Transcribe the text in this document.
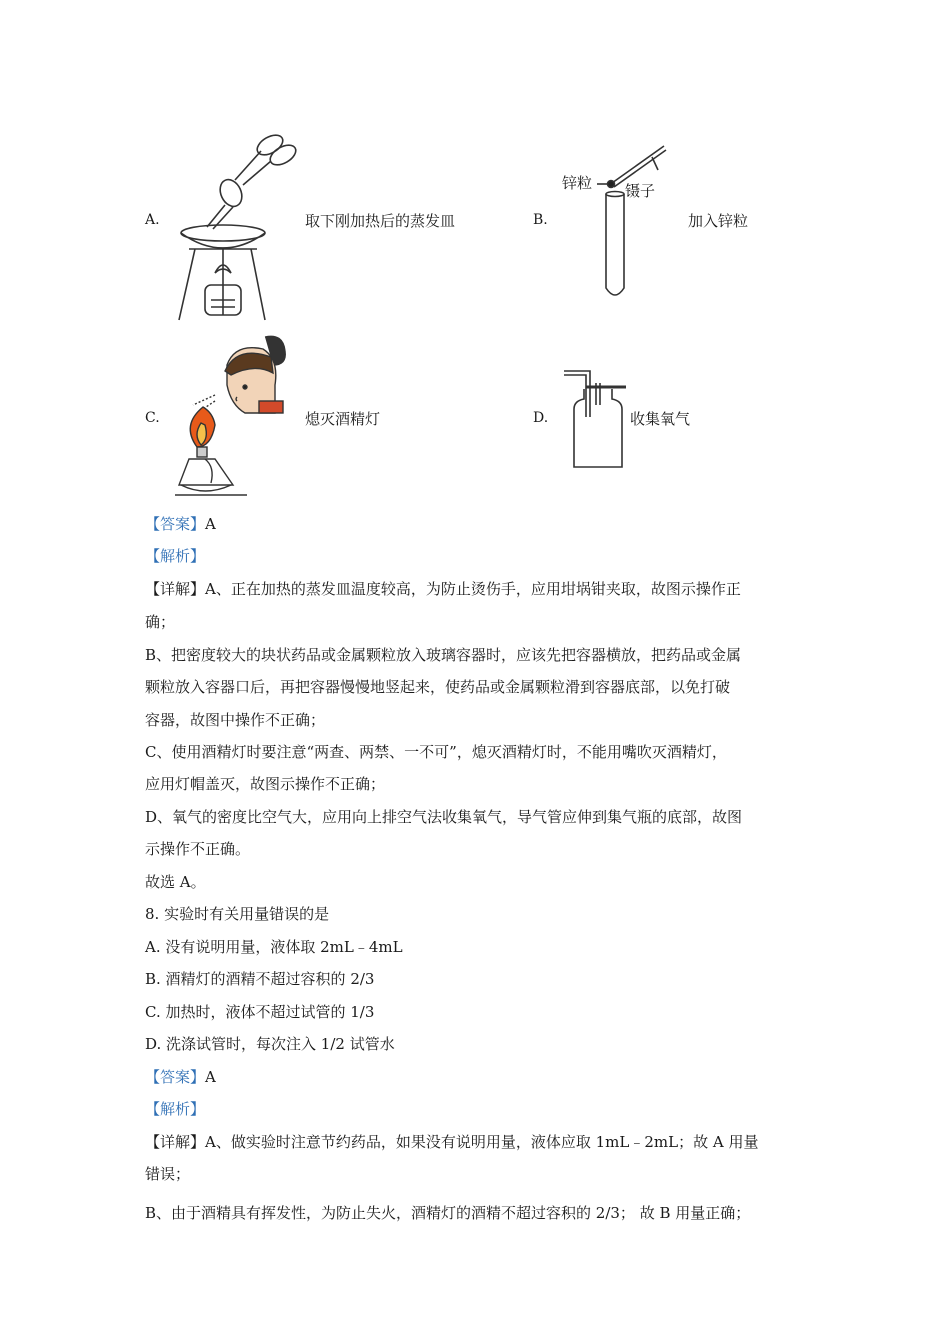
A.	取下刚加热后的蒸发皿	B.
锌粒 镊子
加入锌粒
C.	熄灭酒精灯	D.	收集氧气
【答案】A
【解析】
【详解】A、正在加热的蒸发皿温度较高，为防止烫伤手，应用坩埚钳夹取，故图示操作正
确；
B、把密度较大的块状药品或金属颗粒放入玻璃容器时，应该先把容器横放，把药品或金属
颗粒放入容器口后，再把容器慢慢地竖起来，使药品或金属颗粒滑到容器底部，以免打破
容器，故图中操作不正确；
C、使用酒精灯时要注意“两查、两禁、一不可”，熄灭酒精灯时，不能用嘴吹灭酒精灯，
应用灯帽盖灭，故图示操作不正确；
D、氧气的密度比空气大，应用向上排空气法收集氧气，导气管应伸到集气瓶的底部，故图
示操作不正确。
故选 A。
8. 实验时有关用量错误的是
A. 没有说明用量，液体取 2mL﹣4mL
B. 酒精灯的酒精不超过容积的 2/3
C. 加热时，液体不超过试管的 1/3
D. 洗涤试管时，每次注入 1/2 试管水
【答案】A
【解析】
【详解】A、做实验时注意节约药品，如果没有说明用量，液体应取 1mL﹣2mL；故 A 用量
错误；
B、由于酒精具有挥发性，为防止失火，酒精灯的酒精不超过容积的 2/3； 故 B 用量正确；
